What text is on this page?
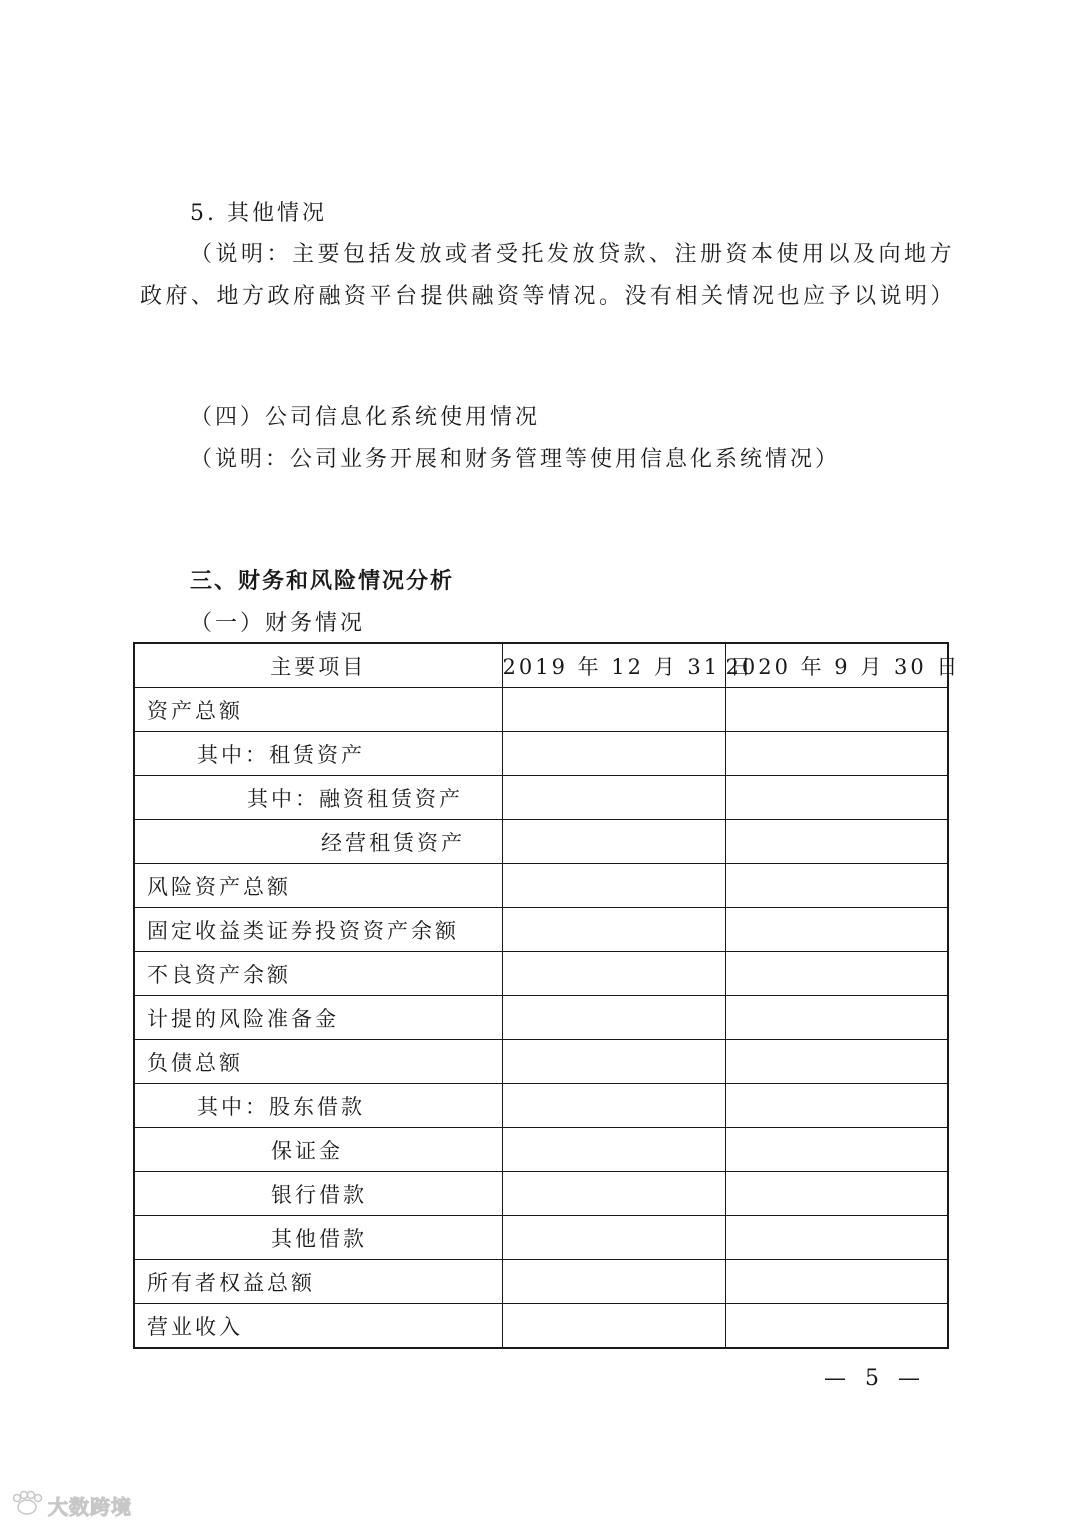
5. 其他情况
（说明：主要包括发放或者受托发放贷款、注册资本使用以及向地方
政府、地方政府融资平台提供融资等情况。没有相关情况也应予以说明）
（四）公司信息化系统使用情况
（说明：公司业务开展和财务管理等使用信息化系统情况）
三、财务和风险情况分析
（一）财务情况
主要项目	2019 年 12 月 31 日	2020 年 9 月 30 日
资产总额		
其中：租赁资产		
其中：融资租赁资产		
经营租赁资产		
风险资产总额		
固定收益类证券投资资产余额		
不良资产余额		
计提的风险准备金		
负债总额		
其中：股东借款		
保证金		
银行借款		
其他借款		
所有者权益总额		
营业收入		
— 5 —
大数跨境
